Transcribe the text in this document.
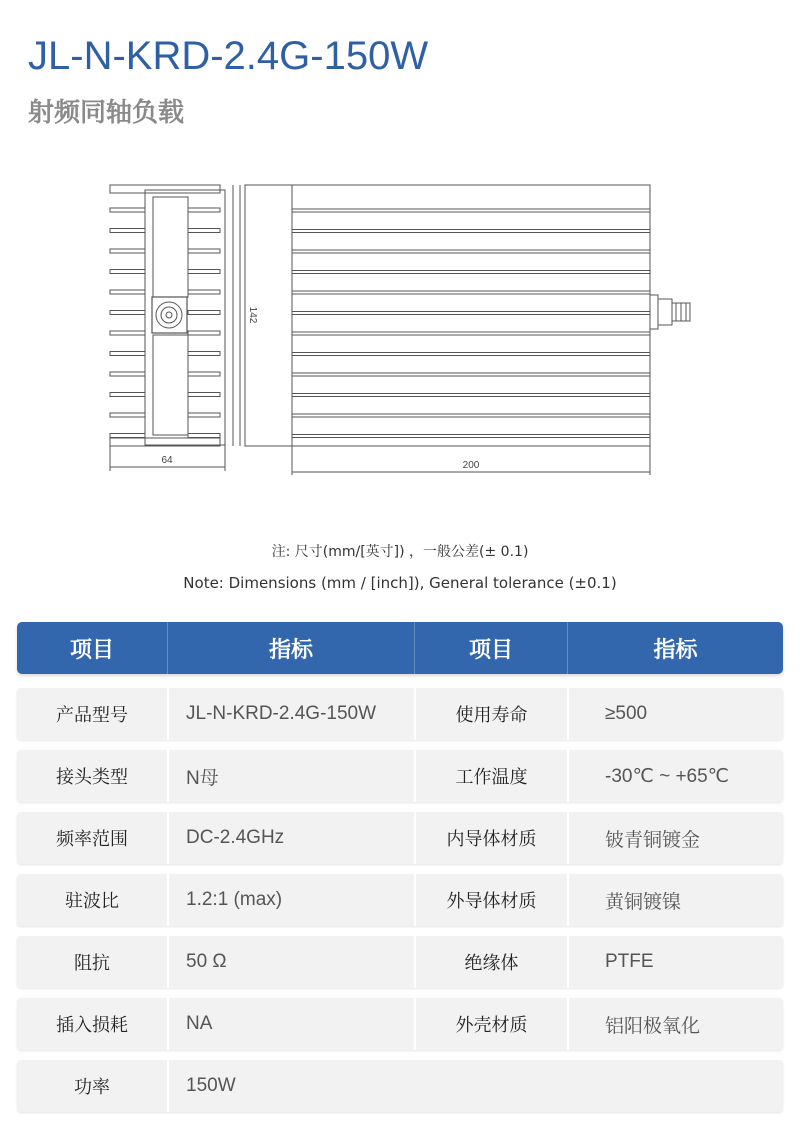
JL-N-KRD-2.4G-150W
射频同轴负载
142
64	200
注: 尺寸(mm/[英寸]) ，一般公差(± 0.1)
Note: Dimensions (mm / [inch]), General tolerance (±0.1)
项目	指标	项目	指标
产品型号	JL-N-KRD-2.4G-150W	使用寿命	≥500
接头类型	N母	工作温度	-30℃ ~ +65℃
频率范围	DC-2.4GHz	内导体材质	铍青铜镀金
驻波比	1.2:1 (max)	外导体材质	黄铜镀镍
阻抗	50 Ω	绝缘体	PTFE
插入损耗	NA	外壳材质	铝阳极氧化
功率	150W
